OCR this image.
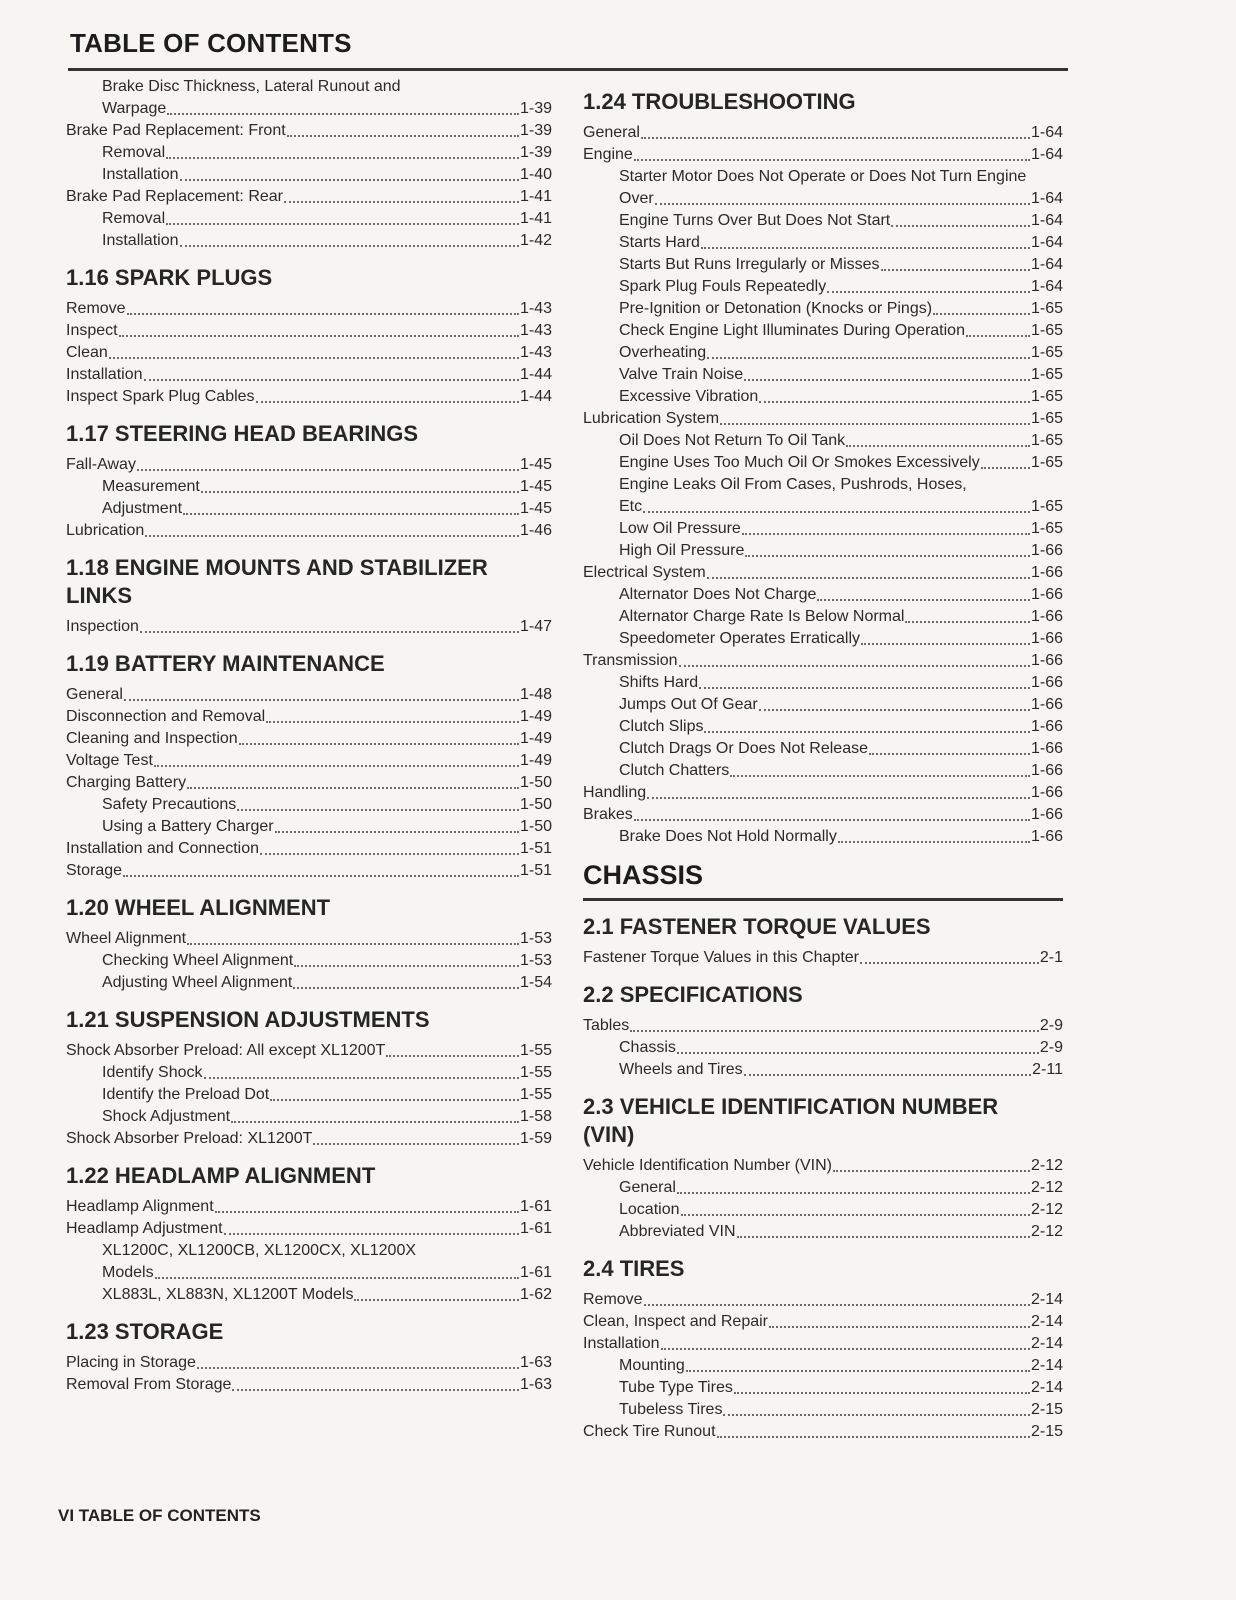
TABLE OF CONTENTS
Brake Disc Thickness, Lateral Runout and
Warpage	1-39
Brake Pad Replacement: Front	1-39
Removal	1-39
Installation	1-40
Brake Pad Replacement: Rear	1-41
Removal	1-41
Installation	1-42
1.16 SPARK PLUGS
Remove	1-43
Inspect	1-43
Clean	1-43
Installation	1-44
Inspect Spark Plug Cables	1-44
1.17 STEERING HEAD BEARINGS
Fall-Away	1-45
Measurement	1-45
Adjustment	1-45
Lubrication	1-46
1.18 ENGINE MOUNTS AND STABILIZER
LINKS
Inspection	1-47
1.19 BATTERY MAINTENANCE
General	1-48
Disconnection and Removal	1-49
Cleaning and Inspection	1-49
Voltage Test	1-49
Charging Battery	1-50
Safety Precautions	1-50
Using a Battery Charger	1-50
Installation and Connection	1-51
Storage	1-51
1.20 WHEEL ALIGNMENT
Wheel Alignment	1-53
Checking Wheel Alignment	1-53
Adjusting Wheel Alignment	1-54
1.21 SUSPENSION ADJUSTMENTS
Shock Absorber Preload: All except XL1200T	1-55
Identify Shock	1-55
Identify the Preload Dot	1-55
Shock Adjustment	1-58
Shock Absorber Preload: XL1200T	1-59
1.22 HEADLAMP ALIGNMENT
Headlamp Alignment	1-61
Headlamp Adjustment	1-61
XL1200C, XL1200CB, XL1200CX, XL1200X
Models	1-61
XL883L, XL883N, XL1200T Models	1-62
1.23 STORAGE
Placing in Storage	1-63
Removal From Storage	1-63
1.24 TROUBLESHOOTING
General	1-64
Engine	1-64
Starter Motor Does Not Operate or Does Not Turn Engine
Over	1-64
Engine Turns Over But Does Not Start	1-64
Starts Hard	1-64
Starts But Runs Irregularly or Misses	1-64
Spark Plug Fouls Repeatedly	1-64
Pre-Ignition or Detonation (Knocks or Pings)	1-65
Check Engine Light Illuminates During Operation	1-65
Overheating	1-65
Valve Train Noise	1-65
Excessive Vibration	1-65
Lubrication System	1-65
Oil Does Not Return To Oil Tank	1-65
Engine Uses Too Much Oil Or Smokes Excessively	1-65
Engine Leaks Oil From Cases, Pushrods, Hoses,
Etc	1-65
Low Oil Pressure	1-65
High Oil Pressure	1-66
Electrical System	1-66
Alternator Does Not Charge	1-66
Alternator Charge Rate Is Below Normal	1-66
Speedometer Operates Erratically	1-66
Transmission	1-66
Shifts Hard	1-66
Jumps Out Of Gear	1-66
Clutch Slips	1-66
Clutch Drags Or Does Not Release	1-66
Clutch Chatters	1-66
Handling	1-66
Brakes	1-66
Brake Does Not Hold Normally	1-66
CHASSIS
2.1 FASTENER TORQUE VALUES
Fastener Torque Values in this Chapter	2-1
2.2 SPECIFICATIONS
Tables	2-9
Chassis	2-9
Wheels and Tires	2-11
2.3 VEHICLE IDENTIFICATION NUMBER
(VIN)
Vehicle Identification Number (VIN)	2-12
General	2-12
Location	2-12
Abbreviated VIN	2-12
2.4 TIRES
Remove	2-14
Clean, Inspect and Repair	2-14
Installation	2-14
Mounting	2-14
Tube Type Tires	2-14
Tubeless Tires	2-15
Check Tire Runout	2-15
VI TABLE OF CONTENTS
